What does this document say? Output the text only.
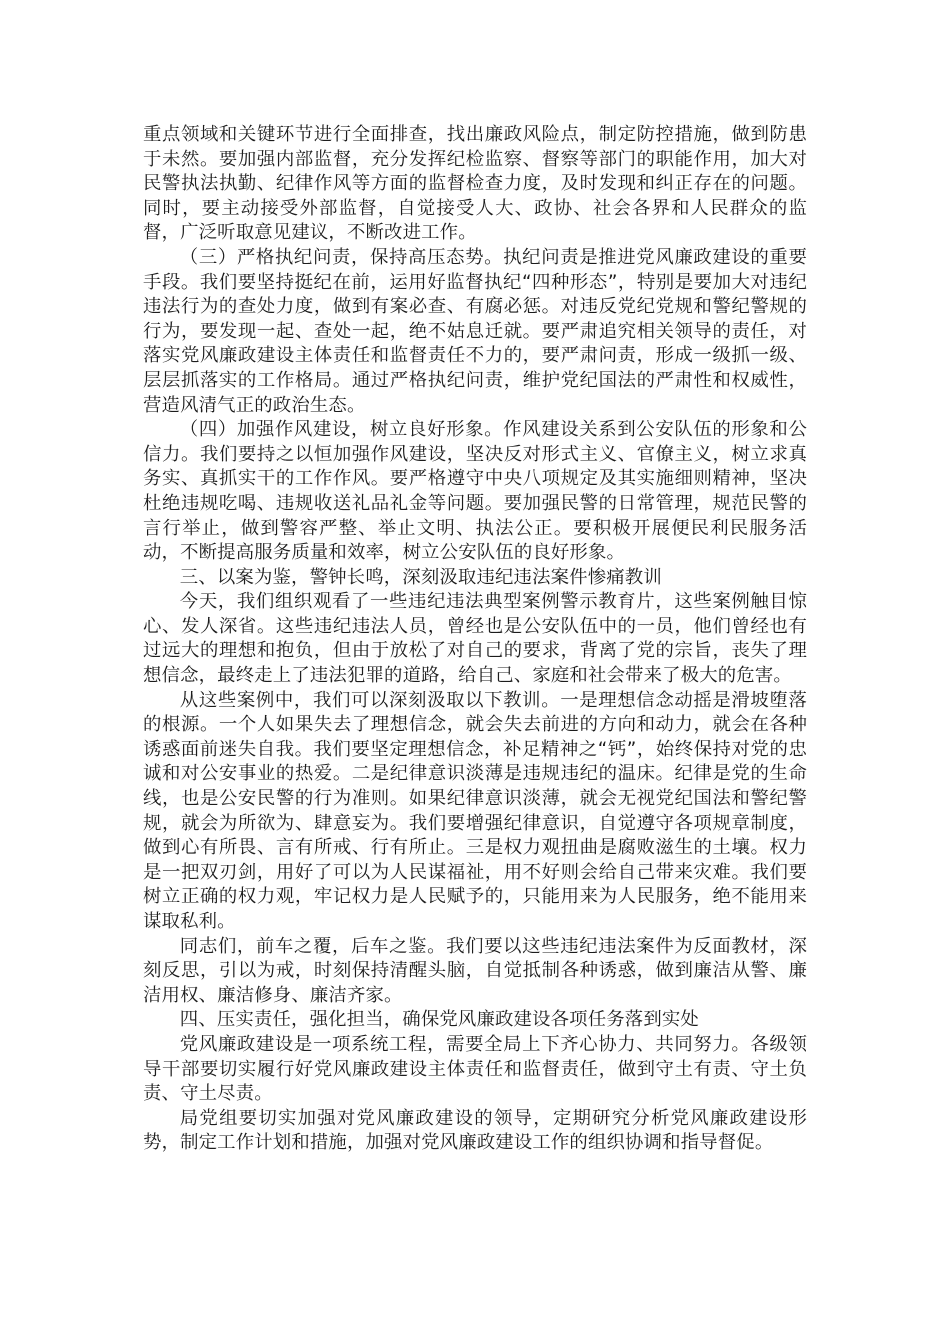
重点领域和关键环节进行全面排查，找出廉政风险点，制定防控措施，做到防患于未然。要加强内部监督，充分发挥纪检监察、督察等部门的职能作用，加大对民警执法执勤、纪律作风等方面的监督检查力度，及时发现和纠正存在的问题。同时，要主动接受外部监督，自觉接受人大、政协、社会各界和人民群众的监督，广泛听取意见建议，不断改进工作。

（三）严格执纪问责，保持高压态势。执纪问责是推进党风廉政建设的重要手段。我们要坚持挺纪在前，运用好监督执纪“四种形态”，特别是要加大对违纪违法行为的查处力度，做到有案必查、有腐必惩。对违反党纪党规和警纪警规的行为，要发现一起、查处一起，绝不姑息迁就。要严肃追究相关领导的责任，对落实党风廉政建设主体责任和监督责任不力的，要严肃问责，形成一级抓一级、层层抓落实的工作格局。通过严格执纪问责，维护党纪国法的严肃性和权威性，营造风清气正的政治生态。

（四）加强作风建设，树立良好形象。作风建设关系到公安队伍的形象和公信力。我们要持之以恒加强作风建设，坚决反对形式主义、官僚主义，树立求真务实、真抓实干的工作作风。要严格遵守中央八项规定及其实施细则精神，坚决杜绝违规吃喝、违规收送礼品礼金等问题。要加强民警的日常管理，规范民警的言行举止，做到警容严整、举止文明、执法公正。要积极开展便民利民服务活动，不断提高服务质量和效率，树立公安队伍的良好形象。

三、以案为鉴，警钟长鸣，深刻汲取违纪违法案件惨痛教训

今天，我们组织观看了一些违纪违法典型案例警示教育片，这些案例触目惊心、发人深省。这些违纪违法人员，曾经也是公安队伍中的一员，他们曾经也有过远大的理想和抱负，但由于放松了对自己的要求，背离了党的宗旨，丧失了理想信念，最终走上了违法犯罪的道路，给自己、家庭和社会带来了极大的危害。

从这些案例中，我们可以深刻汲取以下教训。一是理想信念动摇是滑坡堕落的根源。一个人如果失去了理想信念，就会失去前进的方向和动力，就会在各种诱惑面前迷失自我。我们要坚定理想信念，补足精神之“钙”，始终保持对党的忠诚和对公安事业的热爱。二是纪律意识淡薄是违规违纪的温床。纪律是党的生命线，也是公安民警的行为准则。如果纪律意识淡薄，就会无视党纪国法和警纪警规，就会为所欲为、肆意妄为。我们要增强纪律意识，自觉遵守各项规章制度，做到心有所畏、言有所戒、行有所止。三是权力观扭曲是腐败滋生的土壤。权力是一把双刃剑，用好了可以为人民谋福祉，用不好则会给自己带来灾难。我们要树立正确的权力观，牢记权力是人民赋予的，只能用来为人民服务，绝不能用来谋取私利。

同志们，前车之覆，后车之鉴。我们要以这些违纪违法案件为反面教材，深刻反思，引以为戒，时刻保持清醒头脑，自觉抵制各种诱惑，做到廉洁从警、廉洁用权、廉洁修身、廉洁齐家。

四、压实责任，强化担当，确保党风廉政建设各项任务落到实处

党风廉政建设是一项系统工程，需要全局上下齐心协力、共同努力。各级领导干部要切实履行好党风廉政建设主体责任和监督责任，做到守土有责、守土负责、守土尽责。

局党组要切实加强对党风廉政建设的领导，定期研究分析党风廉政建设形势，制定工作计划和措施，加强对党风廉政建设工作的组织协调和指导督促。
